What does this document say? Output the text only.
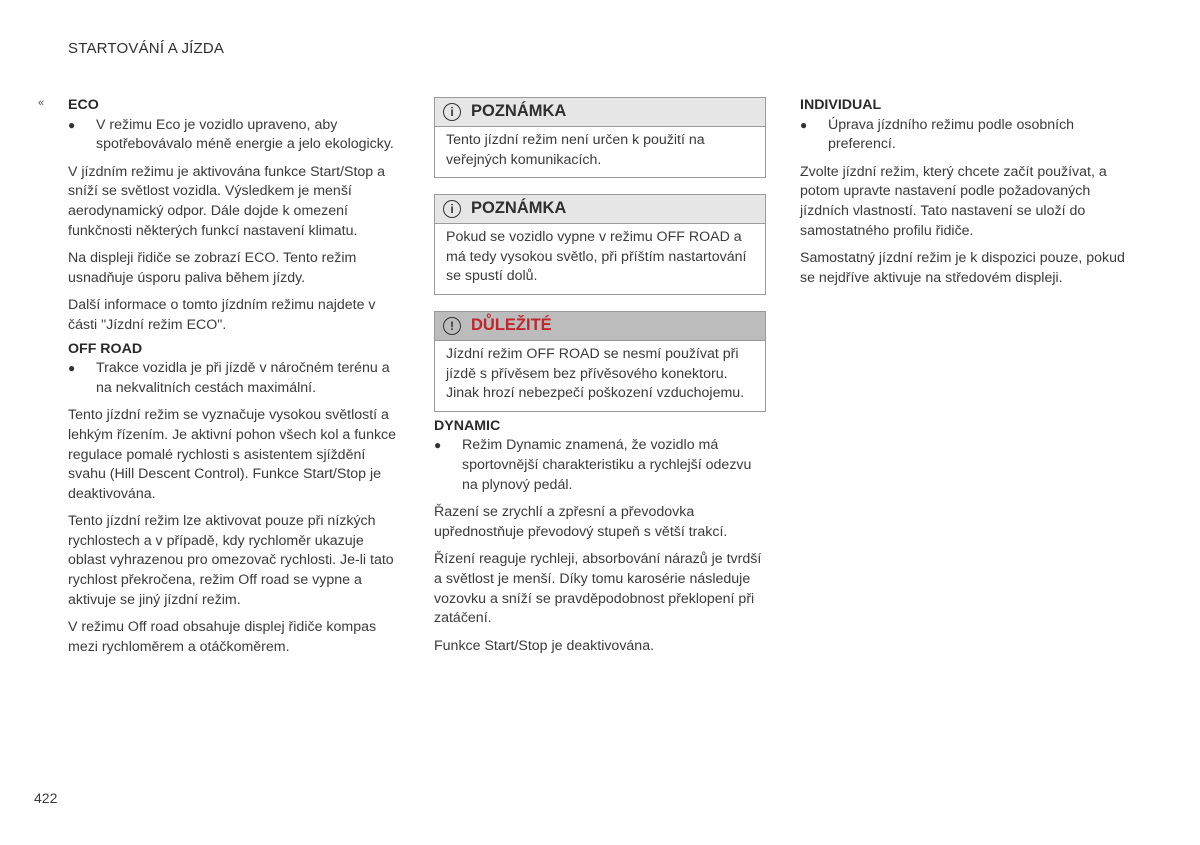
STARTOVÁNÍ A JÍZDA
« ECO
● V režimu Eco je vozidlo upraveno, aby spotřebovávalo méně energie a jelo ekologicky.

V jízdním režimu je aktivována funkce Start/Stop a sníží se světlost vozidla. Výsledkem je menší aerodynamický odpor. Dále dojde k omezení funkčnosti některých funkcí nastavení klimatu.

Na displeji řidiče se zobrazí ECO. Tento režim usnadňuje úsporu paliva během jízdy.

Další informace o tomto jízdním režimu najdete v části "Jízdní režim ECO".

OFF ROAD
● Trakce vozidla je při jízdě v náročném terénu a na nekvalitních cestách maximální.

Tento jízdní režim se vyznačuje vysokou světlostí a lehkým řízením. Je aktivní pohon všech kol a funkce regulace pomalé rychlosti s asistentem sjíždění svahu (Hill Descent Control). Funkce Start/Stop je deaktivována.

Tento jízdní režim lze aktivovat pouze při nízkých rychlostech a v případě, kdy rychloměr ukazuje oblast vyhrazenou pro omezovač rychlosti. Je-li tato rychlost překročena, režim Off road se vypne a aktivuje se jiný jízdní režim.

V režimu Off road obsahuje displej řidiče kompas mezi rychloměrem a otáčkoměrem.

i	POZNÁMKA
Tento jízdní režim není určen k použití na veřejných komunikacích.
i	POZNÁMKA
Pokud se vozidlo vypne v režimu OFF ROAD a má tedy vysokou světlo, při příštím nastartování se spustí dolů.
!	DŮLEŽITÉ
Jízdní režim OFF ROAD se nesmí používat při jízdě s přívěsem bez přívěsového konektoru. Jinak hrozí nebezpečí poškození vzduchojemu.
DYNAMIC
● Režim Dynamic znamená, že vozidlo má sportovnější charakteristiku a rychlejší odezvu na plynový pedál.

Řazení se zrychlí a zpřesní a převodovka upřednostňuje převodový stupeň s větší trakcí.

Řízení reaguje rychleji, absorbování nárazů je tvrdší a světlost je menší. Díky tomu karosérie následuje vozovku a sníží se pravděpodobnost překlopení při zatáčení.

Funkce Start/Stop je deaktivována.

INDIVIDUAL
● Úprava jízdního režimu podle osobních preferencí.

Zvolte jízdní režim, který chcete začít používat, a potom upravte nastavení podle požadovaných jízdních vlastností. Tato nastavení se uloží do samostatného profilu řidiče.

Samostatný jízdní režim je k dispozici pouze, pokud se nejdříve aktivuje na středovém displeji.

422
